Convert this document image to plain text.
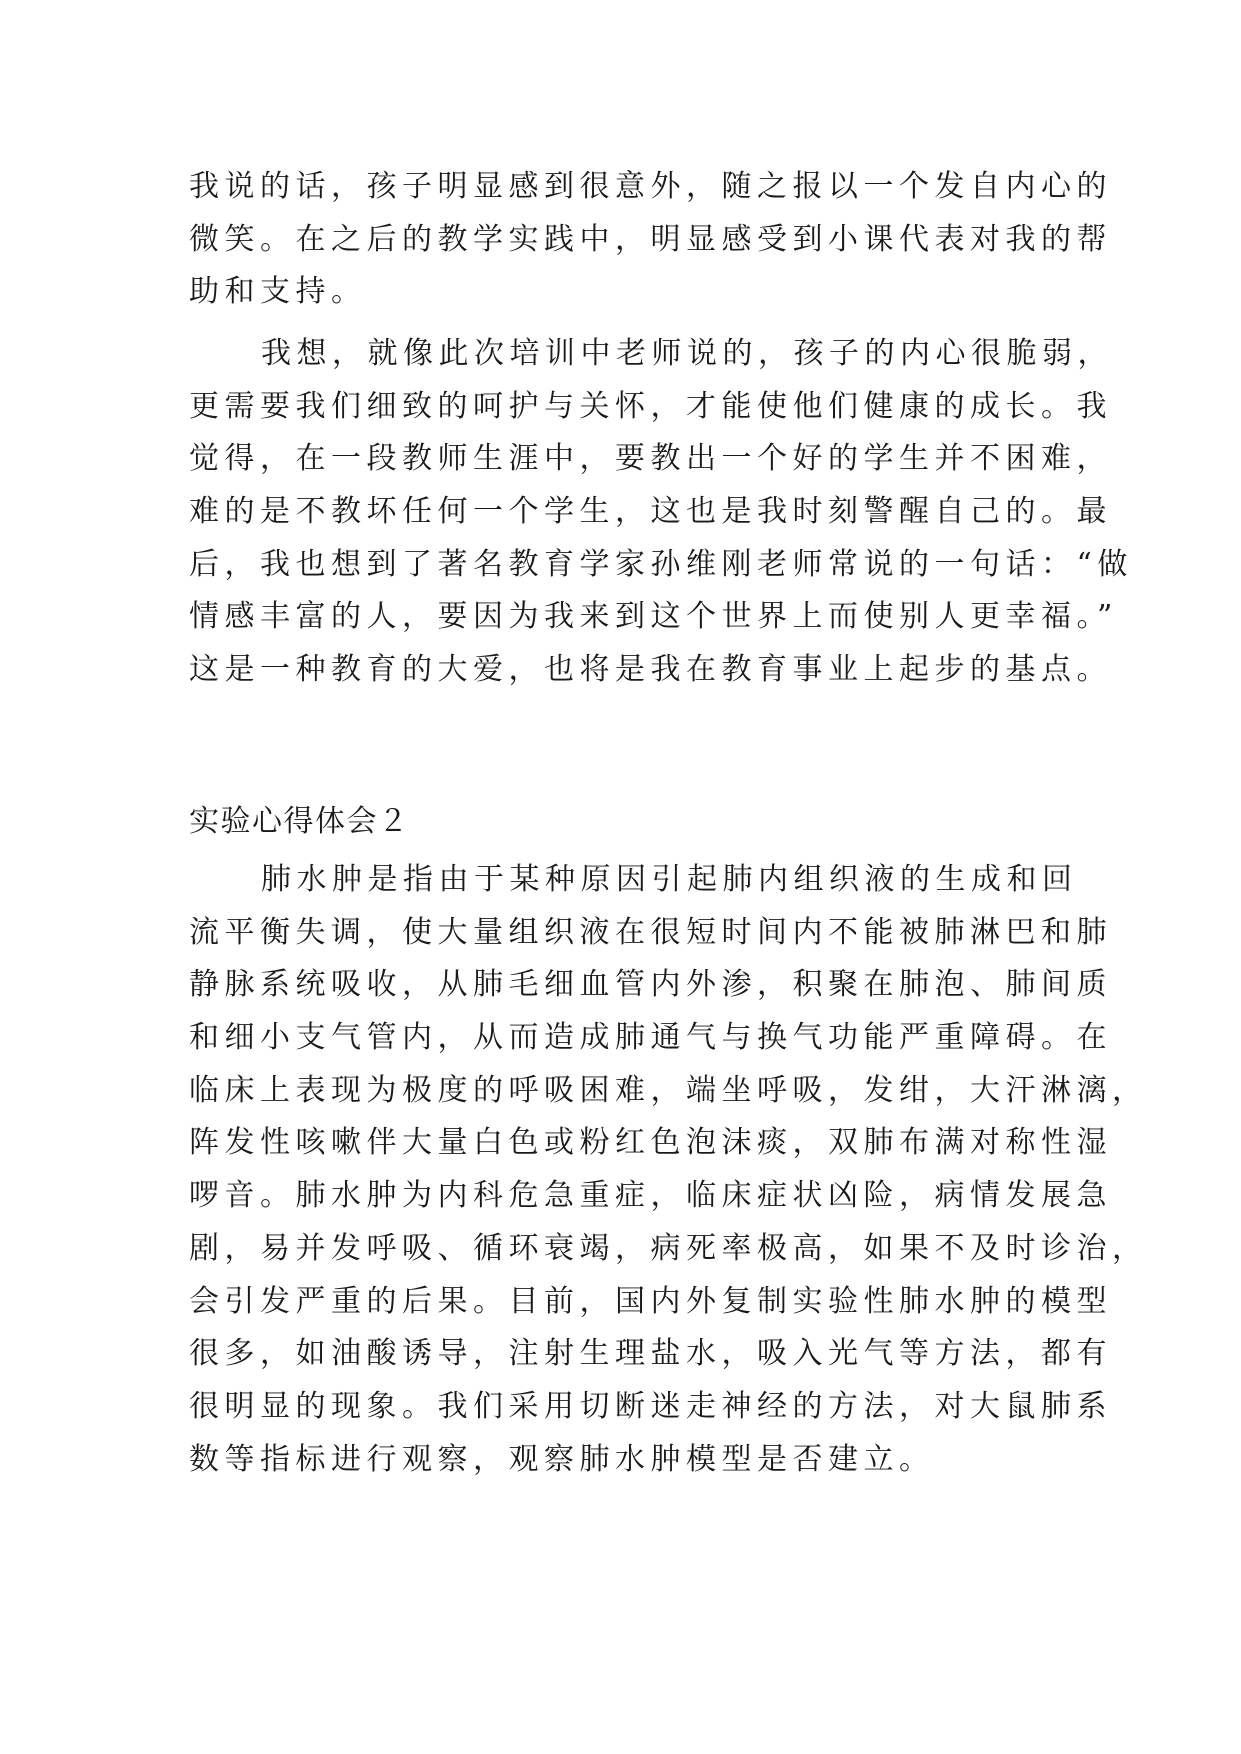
我说的话，孩子明显感到很意外，随之报以一个发自内心的
微笑。在之后的教学实践中，明显感受到小课代表对我的帮
助和支持。
我想，就像此次培训中老师说的，孩子的内心很脆弱，
更需要我们细致的呵护与关怀，才能使他们健康的成长。我
觉得，在一段教师生涯中，要教出一个好的学生并不困难，
难的是不教坏任何一个学生，这也是我时刻警醒自己的。最
后，我也想到了著名教育学家孙维刚老师常说的一句话：“做
情感丰富的人，要因为我来到这个世界上而使别人更幸福。”
这是一种教育的大爱，也将是我在教育事业上起步的基点。
实验心得体会２
肺水肿是指由于某种原因引起肺内组织液的生成和回
流平衡失调，使大量组织液在很短时间内不能被肺淋巴和肺
静脉系统吸收，从肺毛细血管内外渗，积聚在肺泡、肺间质
和细小支气管内，从而造成肺通气与换气功能严重障碍。在
临床上表现为极度的呼吸困难，端坐呼吸，发绀，大汗淋漓，
阵发性咳嗽伴大量白色或粉红色泡沫痰，双肺布满对称性湿
啰音。肺水肿为内科危急重症，临床症状凶险，病情发展急
剧，易并发呼吸、循环衰竭，病死率极高，如果不及时诊治，
会引发严重的后果。目前，国内外复制实验性肺水肿的模型
很多，如油酸诱导，注射生理盐水，吸入光气等方法，都有
很明显的现象。我们采用切断迷走神经的方法，对大鼠肺系
数等指标进行观察，观察肺水肿模型是否建立。
